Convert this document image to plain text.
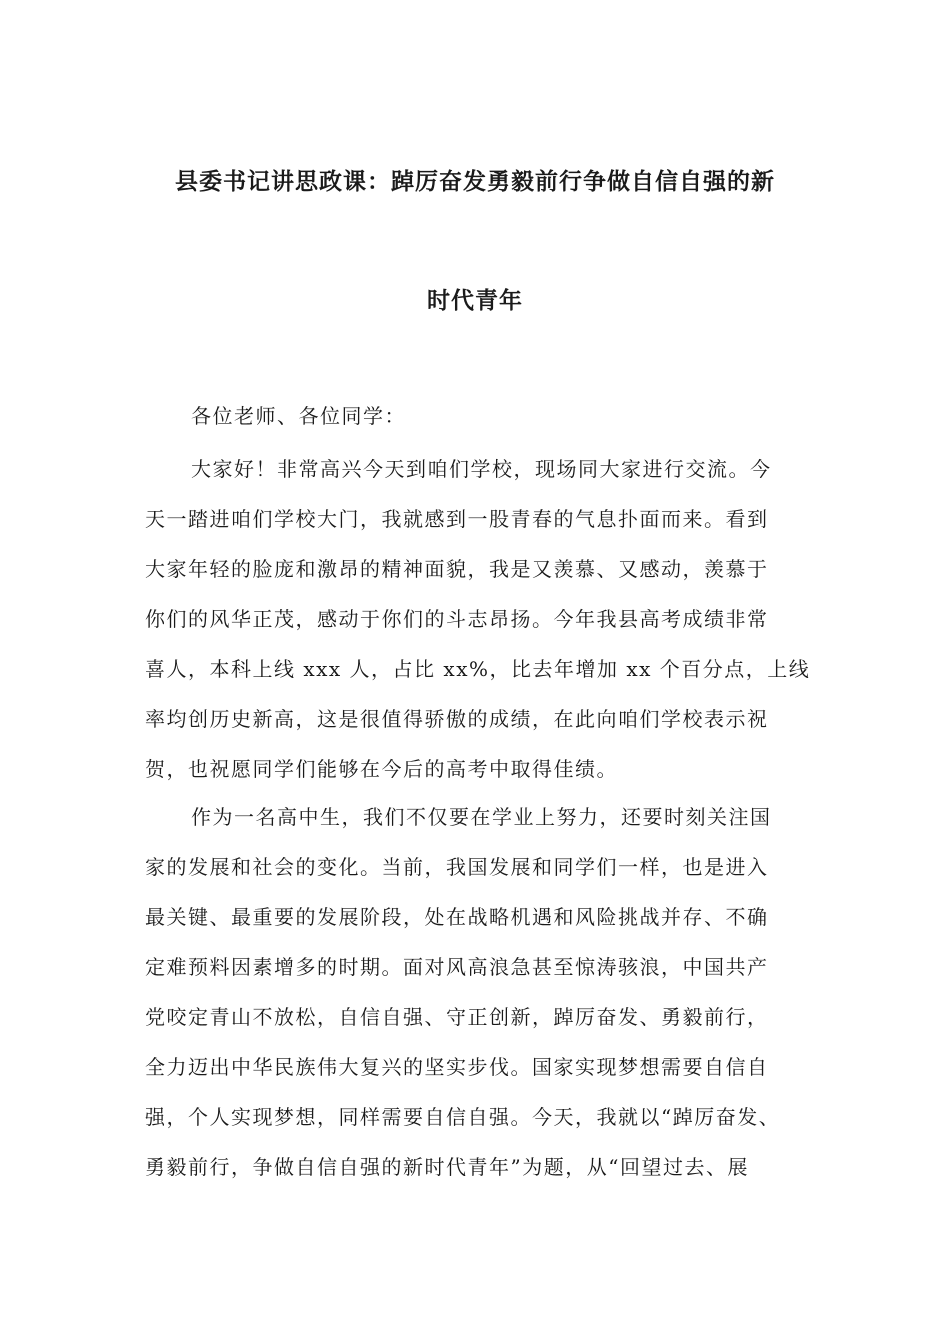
县委书记讲思政课：踔厉奋发勇毅前行争做自信自强的新
时代青年
各位老师、各位同学：
大家好！非常高兴今天到咱们学校，现场同大家进行交流。今
天一踏进咱们学校大门，我就感到一股青春的气息扑面而来。看到
大家年轻的脸庞和激昂的精神面貌，我是又羡慕、又感动，羡慕于
你们的风华正茂，感动于你们的斗志昂扬。今年我县高考成绩非常
喜人，本科上线 xxx 人，占比 xx%，比去年增加 xx 个百分点，上线
率均创历史新高，这是很值得骄傲的成绩，在此向咱们学校表示祝
贺，也祝愿同学们能够在今后的高考中取得佳绩。
作为一名高中生，我们不仅要在学业上努力，还要时刻关注国
家的发展和社会的变化。当前，我国发展和同学们一样，也是进入
最关键、最重要的发展阶段，处在战略机遇和风险挑战并存、不确
定难预料因素增多的时期。面对风高浪急甚至惊涛骇浪，中国共产
党咬定青山不放松，自信自强、守正创新，踔厉奋发、勇毅前行，
全力迈出中华民族伟大复兴的坚实步伐。国家实现梦想需要自信自
强，个人实现梦想，同样需要自信自强。今天，我就以“踔厉奋发、
勇毅前行，争做自信自强的新时代青年”为题，从“回望过去、展
